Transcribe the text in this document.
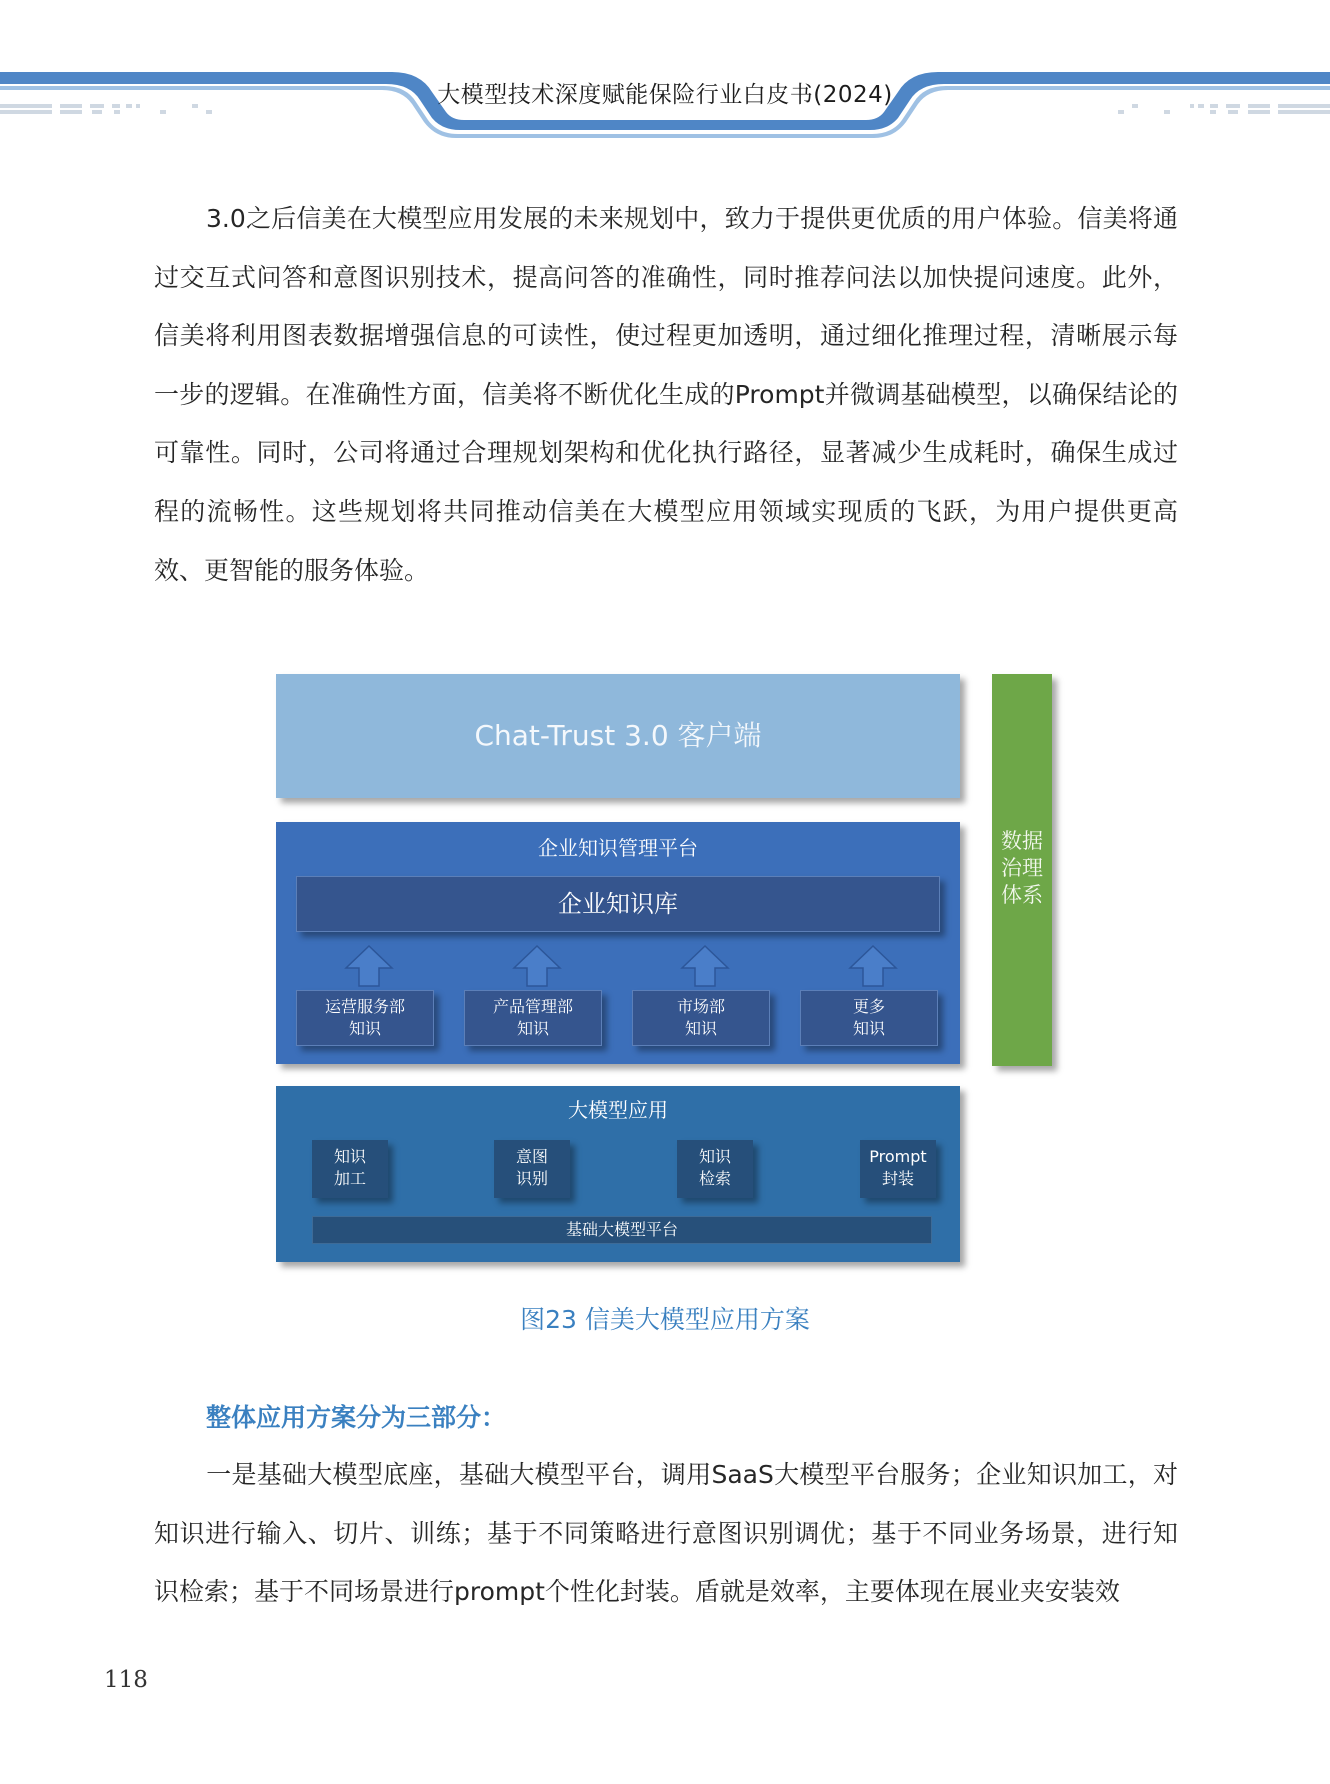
大模型技术深度赋能保险行业白皮书(2024)

3.0之后信美在大模型应用发展的未来规划中，致力于提供更优质的用户体验。信美将通过交互式问答和意图识别技术，提高问答的准确性，同时推荐问法以加快提问速度。此外，信美将利用图表数据增强信息的可读性，使过程更加透明，通过细化推理过程，清晰展示每一步的逻辑。在准确性方面，信美将不断优化生成的Prompt并微调基础模型，以确保结论的可靠性。同时，公司将通过合理规划架构和优化执行路径，显著减少生成耗时，确保生成过程的流畅性。这些规划将共同推动信美在大模型应用领域实现质的飞跃，为用户提供更高效、更智能的服务体验。

Chat-Trust 3.0 客户端
企业知识管理平台
企业知识库
运营服务部
知识
产品管理部
知识
市场部
知识
更多
知识
大模型应用
知识
加工
意图
识别
知识
检索
Prompt
封装
基础大模型平台
数据
治理
体系
图23 信美大模型应用方案
整体应用方案分为三部分：

一是基础大模型底座，基础大模型平台，调用SaaS大模型平台服务；企业知识加工，对知识进行输入、切片、训练；基于不同策略进行意图识别调优；基于不同业务场景，进行知识检索；基于不同场景进行prompt个性化封装。盾就是效率，主要体现在展业夹安装效

118
